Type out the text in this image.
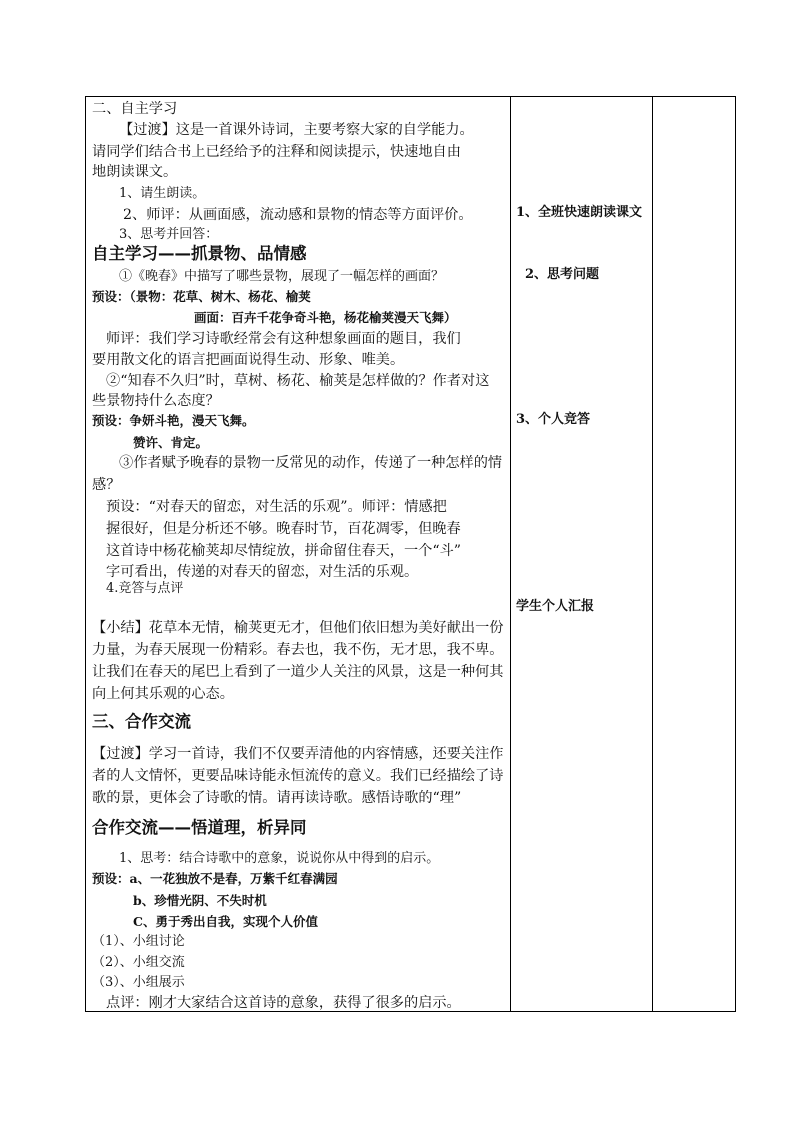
二、自主学习
【过渡】这是一首课外诗词，主要考察大家的自学能力。
请同学们结合书上已经给予的注释和阅读提示，快速地自由
地朗读课文。
1、请生朗读。
2、师评：从画面感，流动感和景物的情态等方面评价。
3、思考并回答：
自主学习——抓景物、品情感
①《晚春》中描写了哪些景物，展现了一幅怎样的画面？
预设：（景物：花草、树木、杨花、榆荚
画面：百卉千花争奇斗艳，杨花榆荚漫天飞舞）
师评：我们学习诗歌经常会有这种想象画面的题目，我们
要用散文化的语言把画面说得生动、形象、唯美。
②“知春不久归”时，草树、杨花、榆荚是怎样做的？作者对这
些景物持什么态度？
预设：争妍斗艳，漫天飞舞。
赞许、肯定。
③作者赋予晚春的景物一反常见的动作，传递了一种怎样的情
感？
预设：“对春天的留恋，对生活的乐观”。师评：情感把
握很好，但是分析还不够。晚春时节，百花凋零，但晚春
这首诗中杨花榆荚却尽情绽放，拼命留住春天，一个“斗”
字可看出，传递的对春天的留恋，对生活的乐观。
4.竞答与点评
【小结】花草本无情，榆荚更无才，但他们依旧想为美好献出一份
力量，为春天展现一份精彩。春去也，我不伤，无才思，我不卑。
让我们在春天的尾巴上看到了一道少人关注的风景，这是一种何其
向上何其乐观的心态。
三、合作交流
【过渡】学习一首诗，我们不仅要弄清他的内容情感，还要关注作
者的人文情怀，更要品味诗能永恒流传的意义。我们已经描绘了诗
歌的景，更体会了诗歌的情。请再读诗歌。感悟诗歌的“理”
合作交流——悟道理，析异同
1、思考：结合诗歌中的意象，说说你从中得到的启示。
预设：a、一花独放不是春，万紫千红春满园
b、珍惜光阴、不失时机
C、勇于秀出自我，实现个人价值
（1）、小组讨论
（2）、小组交流
（3）、小组展示
点评：刚才大家结合这首诗的意象，获得了很多的启示。
1、全班快速朗读课文
2、思考问题
3、个人竞答
学生个人汇报
